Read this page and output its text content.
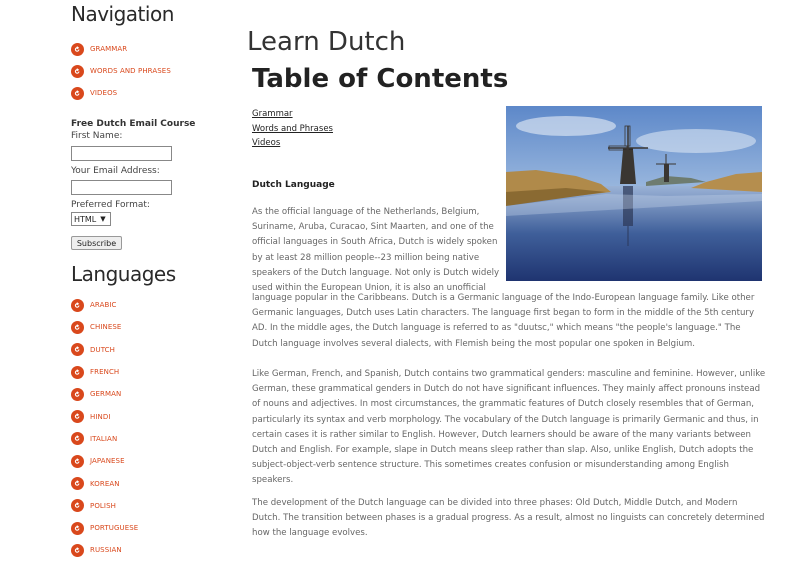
Navigation
GRAMMAR
WORDS AND PHRASES
VIDEOS
Free Dutch Email Course
First Name:
Your Email Address:
Preferred Format:
HTML ▼
Subscribe
Languages
ARABIC
CHINESE
DUTCH
FRENCH
GERMAN
HINDI
ITALIAN
JAPANESE
KOREAN
POLISH
PORTUGUESE
RUSSIAN
Learn Dutch
Table of Contents
Grammar
Words and Phrases
Videos
Dutch Language

As the official language of the Netherlands, Belgium, Suriname, Aruba, Curacao, Sint Maarten, and one of the official languages in South Africa, Dutch is widely spoken by at least 28 million people--23 million being native speakers of the Dutch language. Not only is Dutch widely used within the European Union, it is also an unofficial

language popular in the Caribbeans. Dutch is a Germanic language of the Indo-European language family. Like other Germanic languages, Dutch uses Latin characters. The language first began to form in the middle of the 5th century AD. In the middle ages, the Dutch language is referred to as "duutsc," which means "the people's language." The Dutch language involves several dialects, with Flemish being the most popular one spoken in Belgium.

Like German, French, and Spanish, Dutch contains two grammatical genders: masculine and feminine. However, unlike German, these grammatical genders in Dutch do not have significant influences. They mainly affect pronouns instead of nouns and adjectives. In most circumstances, the grammatic features of Dutch closely resembles that of German, particularly its syntax and verb morphology. The vocabulary of the Dutch language is primarily Germanic and thus, in certain cases it is rather similar to English. However, Dutch learners should be aware of the many variants between Dutch and English. For example, slape in Dutch means sleep rather than slap. Also, unlike English, Dutch adopts the subject-object-verb sentence structure. This sometimes creates confusion or misunderstanding among English speakers.

The development of the Dutch language can be divided into three phases: Old Dutch, Middle Dutch, and Modern Dutch. The transition between phases is a gradual progress. As a result, almost no linguists can concretely determined how the language evolves.
